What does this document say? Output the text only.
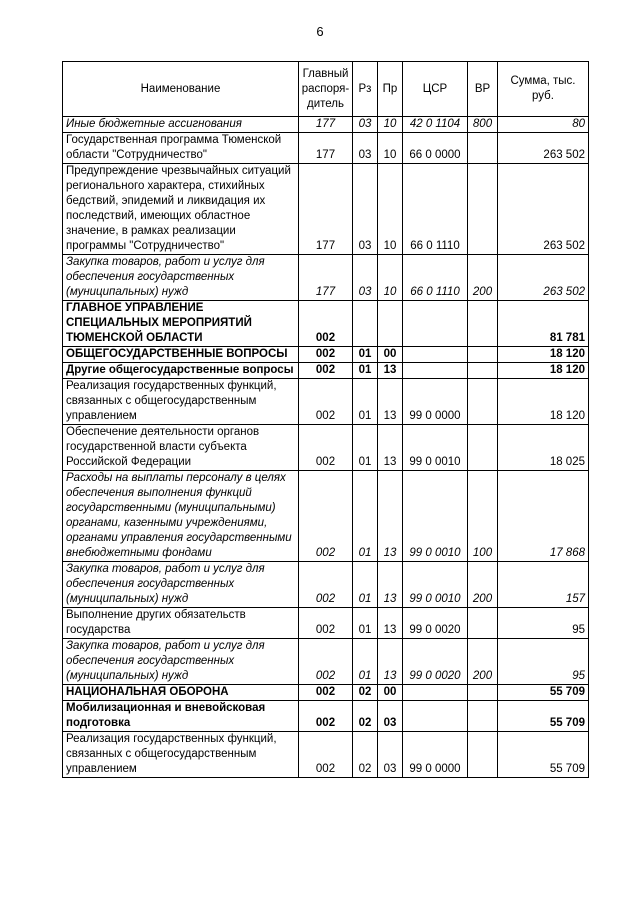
6
Наименование	Главный распоря-дитель	Рз	Пр	ЦСР	ВР	Сумма, тыс. руб.
Иные бюджетные ассигнования	177	03	10	42 0 1104	800	80
Государственная программа Тюменской области "Сотрудничество"	177	03	10	66 0 0000		263 502
Предупреждение чрезвычайных ситуаций регионального характера, стихийных бедствий, эпидемий и ликвидация их последствий, имеющих областное значение, в рамках реализации программы "Сотрудничество"	177	03	10	66 0 1110		263 502
Закупка товаров, работ и услуг для обеспечения государственных (муниципальных) нужд	177	03	10	66 0 1110	200	263 502
ГЛАВНОЕ УПРАВЛЕНИЕ СПЕЦИАЛЬНЫХ МЕРОПРИЯТИЙ ТЮМЕНСКОЙ ОБЛАСТИ	002					81 781
ОБЩЕГОСУДАРСТВЕННЫЕ ВОПРОСЫ	002	01	00			18 120
Другие общегосударственные вопросы	002	01	13			18 120
Реализация государственных функций, связанных с общегосударственным управлением	002	01	13	99 0 0000		18 120
Обеспечение деятельности органов государственной власти субъекта Российской Федерации	002	01	13	99 0 0010		18 025
Расходы на выплаты персоналу в целях обеспечения выполнения функций государственными (муниципальными) органами, казенными учреждениями, органами управления государственными внебюджетными фондами	002	01	13	99 0 0010	100	17 868
Закупка товаров, работ и услуг для обеспечения государственных (муниципальных) нужд	002	01	13	99 0 0010	200	157
Выполнение других обязательств государства	002	01	13	99 0 0020		95
Закупка товаров, работ и услуг для обеспечения государственных (муниципальных) нужд	002	01	13	99 0 0020	200	95
НАЦИОНАЛЬНАЯ ОБОРОНА	002	02	00			55 709
Мобилизационная и вневойсковая подготовка	002	02	03			55 709
Реализация государственных функций, связанных с общегосударственным управлением	002	02	03	99 0 0000		55 709
